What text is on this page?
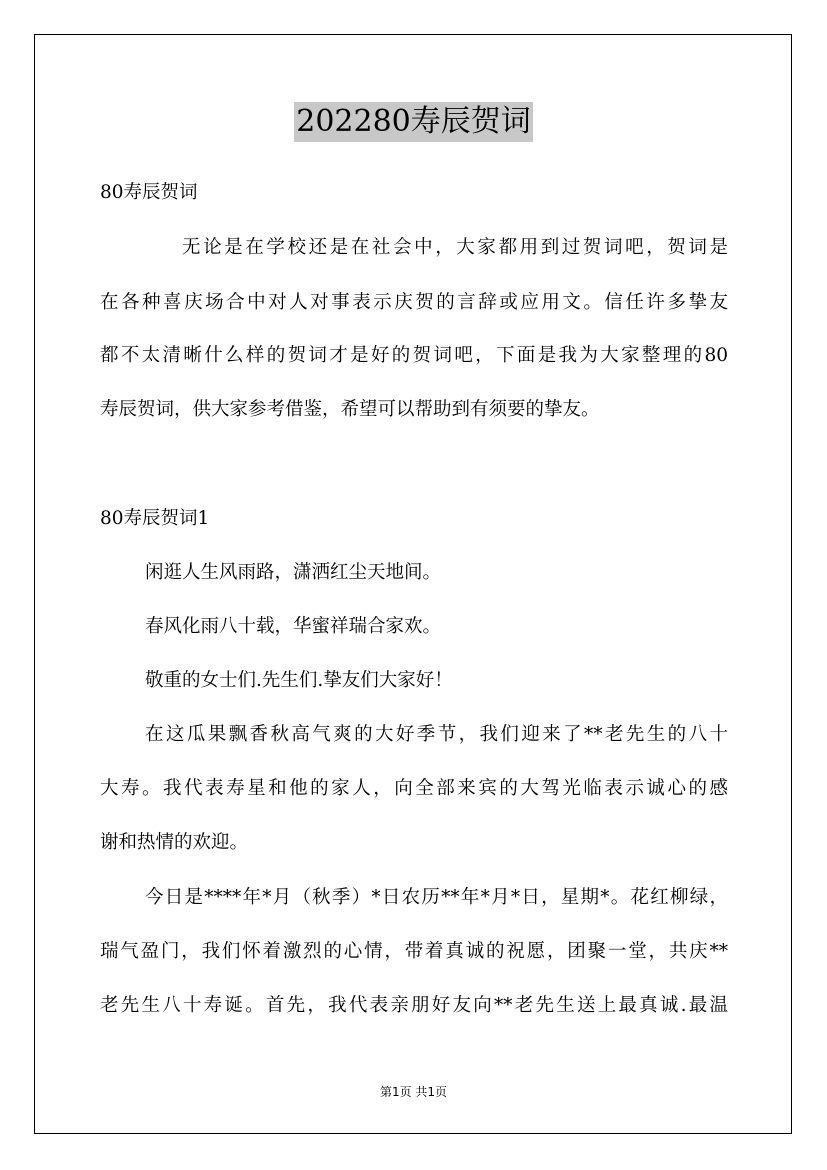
202280寿辰贺词
80寿辰贺词
无论是在学校还是在社会中，大家都用到过贺词吧，贺词是
在各种喜庆场合中对人对事表示庆贺的言辞或应用文。信任许多挚友
都不太清晰什么样的贺词才是好的贺词吧，下面是我为大家整理的80
寿辰贺词，供大家参考借鉴，希望可以帮助到有须要的挚友。
80寿辰贺词1
闲逛人生风雨路，潇洒红尘天地间。
春风化雨八十载，华蜜祥瑞合家欢。
敬重的女士们.先生们.挚友们大家好！
在这瓜果飘香秋高气爽的大好季节，我们迎来了**老先生的八十
大寿。我代表寿星和他的家人，向全部来宾的大驾光临表示诚心的感
谢和热情的欢迎。
今日是****年*月（秋季）*日农历**年*月*日，星期*。花红柳绿，
瑞气盈门，我们怀着激烈的心情，带着真诚的祝愿，团聚一堂，共庆**
老先生八十寿诞。首先，我代表亲朋好友向**老先生送上最真诚.最温
第1页 共1页
